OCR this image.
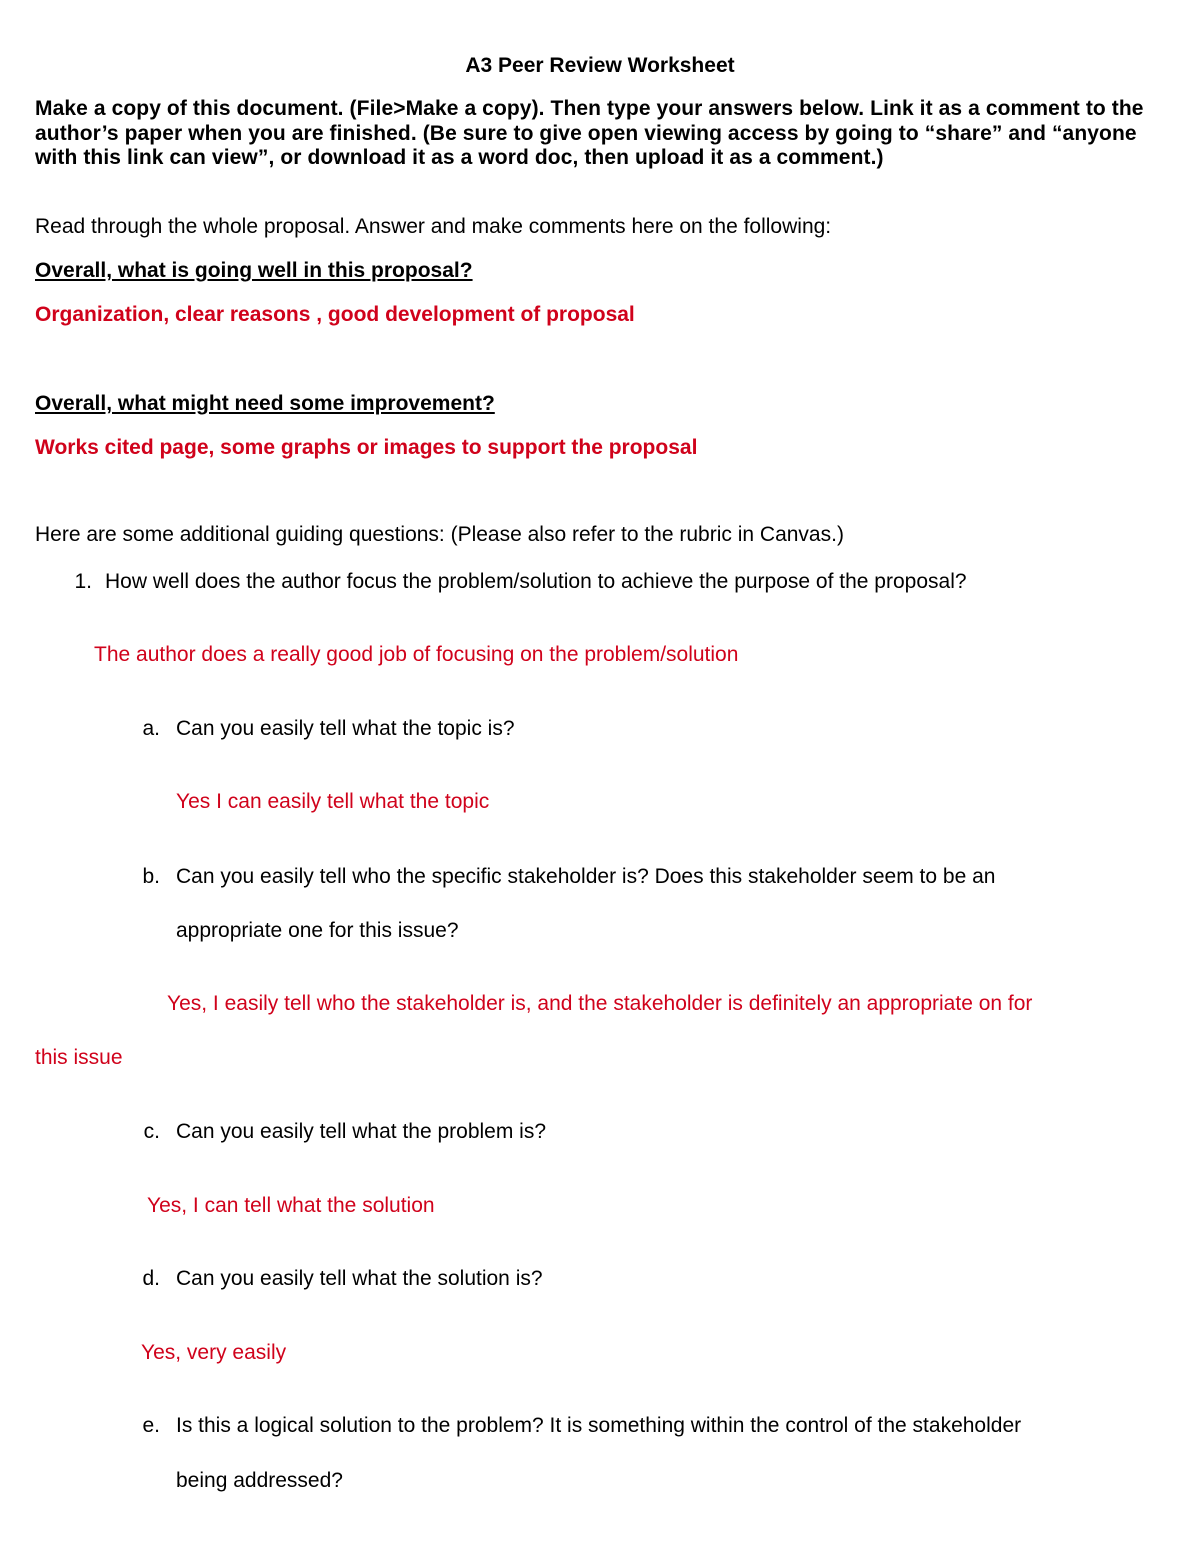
A3 Peer Review Worksheet

Make a copy of this document. (File>Make a copy). Then type your answers below. Link it as a comment to the author’s paper when you are finished. (Be sure to give open viewing access by going to “share” and “anyone with this link can view”, or download it as a word doc, then upload it as a comment.)

Read through the whole proposal. Answer and make comments here on the following:

Overall, what is going well in this proposal?

Organization, clear reasons , good development of proposal

Overall, what might need some improvement?

Works cited page, some graphs or images to support the proposal

Here are some additional guiding questions: (Please also refer to the rubric in Canvas.)

1. How well does the author focus the problem/solution to achieve the purpose of the proposal?

The author does a really good job of focusing on the problem/solution

a. Can you easily tell what the topic is?

Yes I can easily tell what the topic

b. Can you easily tell who the specific stakeholder is? Does this stakeholder seem to be an

appropriate one for this issue?

Yes, I easily tell who the stakeholder is, and the stakeholder is definitely an appropriate on for

this issue

c. Can you easily tell what the problem is?

Yes, I can tell what the solution

d. Can you easily tell what the solution is?

Yes, very easily

e. Is this a logical solution to the problem? It is something within the control of the stakeholder

being addressed?
